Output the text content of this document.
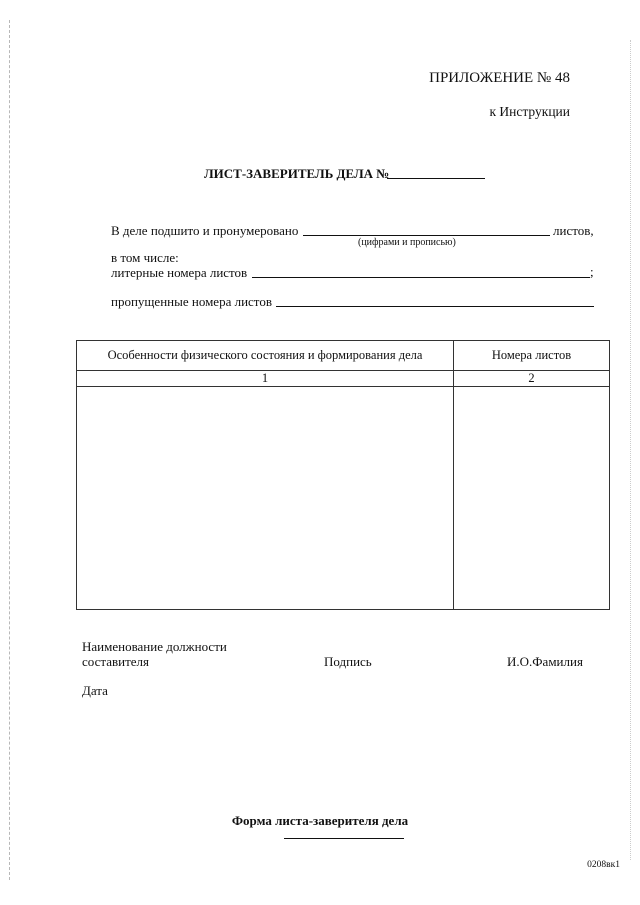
ПРИЛОЖЕНИЕ № 48
к Инструкции
ЛИСТ-ЗАВЕРИТЕЛЬ ДЕЛА №
В деле подшито и пронумеровано	листов,
(цифрами и прописью)
в том числе:
литерные номера листов	;
пропущенные номера листов
Особенности физического состояния и формирования дела	Номера листов
1	2

Наименование должности
составителя	Подпись	И.О.Фамилия
Дата
Форма листа-заверителя дела
0208вк1
